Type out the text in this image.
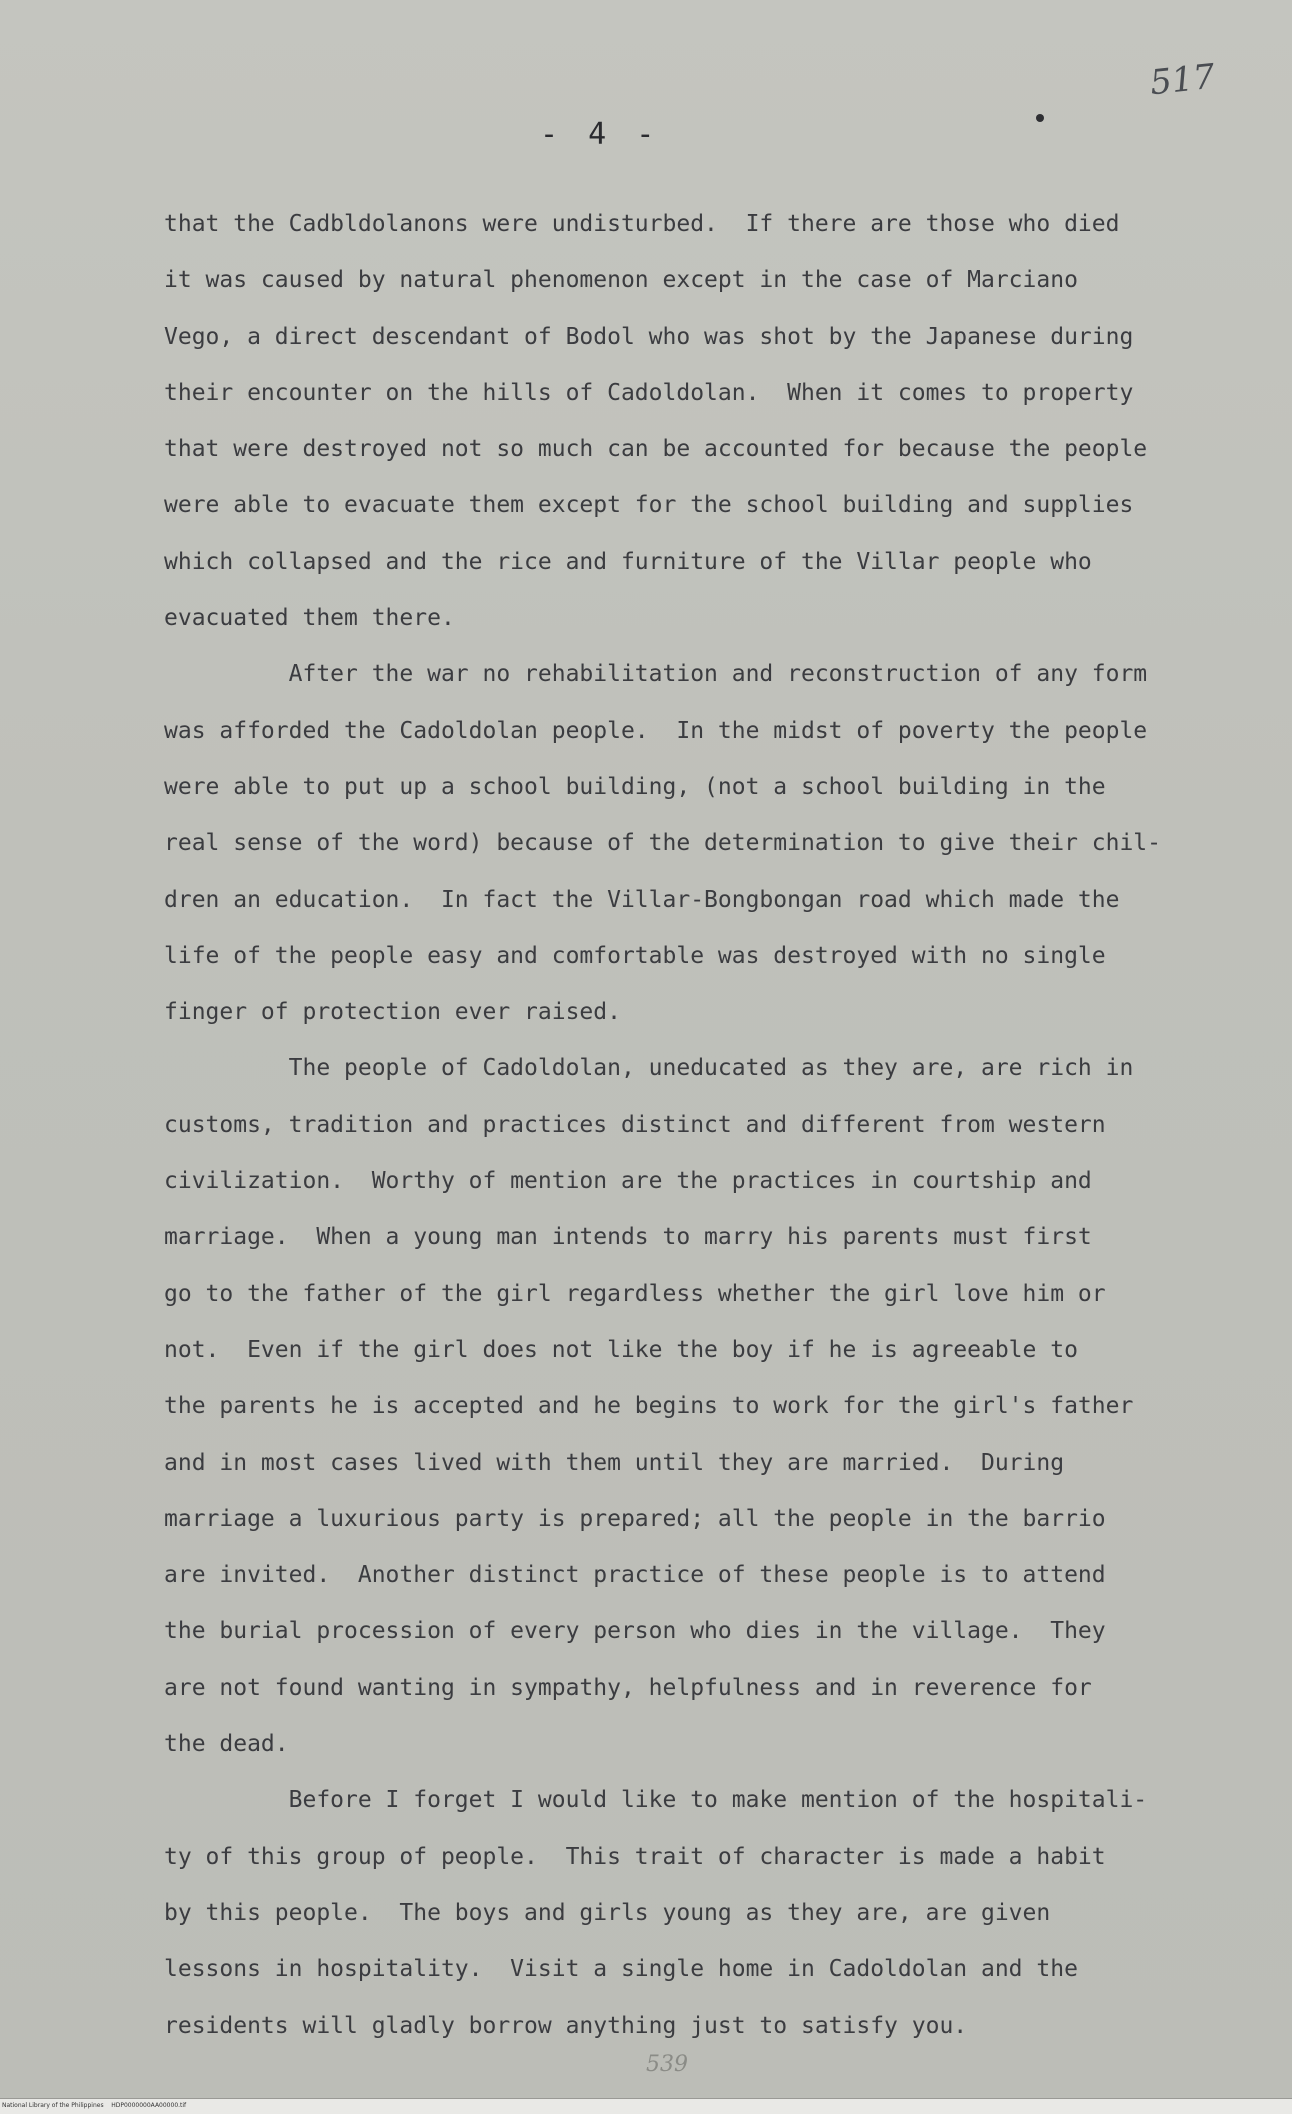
517
- 4 -
that the Cadbldolanons were undisturbed.  If there are those who died
it was caused by natural phenomenon except in the case of Marciano
Vego, a direct descendant of Bodol who was shot by the Japanese during
their encounter on the hills of Cadoldolan.  When it comes to property
that were destroyed not so much can be accounted for because the people
were able to evacuate them except for the school building and supplies
which collapsed and the rice and furniture of the Villar people who
evacuated them there.
After the war no rehabilitation and reconstruction of any form
was afforded the Cadoldolan people.  In the midst of poverty the people
were able to put up a school building, (not a school building in the
real sense of the word) because of the determination to give their chil-
dren an education.  In fact the Villar-Bongbongan road which made the
life of the people easy and comfortable was destroyed with no single
finger of protection ever raised.
The people of Cadoldolan, uneducated as they are, are rich in
customs, tradition and practices distinct and different from western
civilization.  Worthy of mention are the practices in courtship and
marriage.  When a young man intends to marry his parents must first
go to the father of the girl regardless whether the girl love him or
not.  Even if the girl does not like the boy if he is agreeable to
the parents he is accepted and he begins to work for the girl's father
and in most cases lived with them until they are married.  During
marriage a luxurious party is prepared; all the people in the barrio
are invited.  Another distinct practice of these people is to attend
the burial procession of every person who dies in the village.  They
are not found wanting in sympathy, helpfulness and in reverence for
the dead.
Before I forget I would like to make mention of the hospitali-
ty of this group of people.  This trait of character is made a habit
by this people.  The boys and girls young as they are, are given
lessons in hospitality.  Visit a single home in Cadoldolan and the
residents will gladly borrow anything just to satisfy you.
539
National Library of the Philippines    HDP0000000AA00000.tif
